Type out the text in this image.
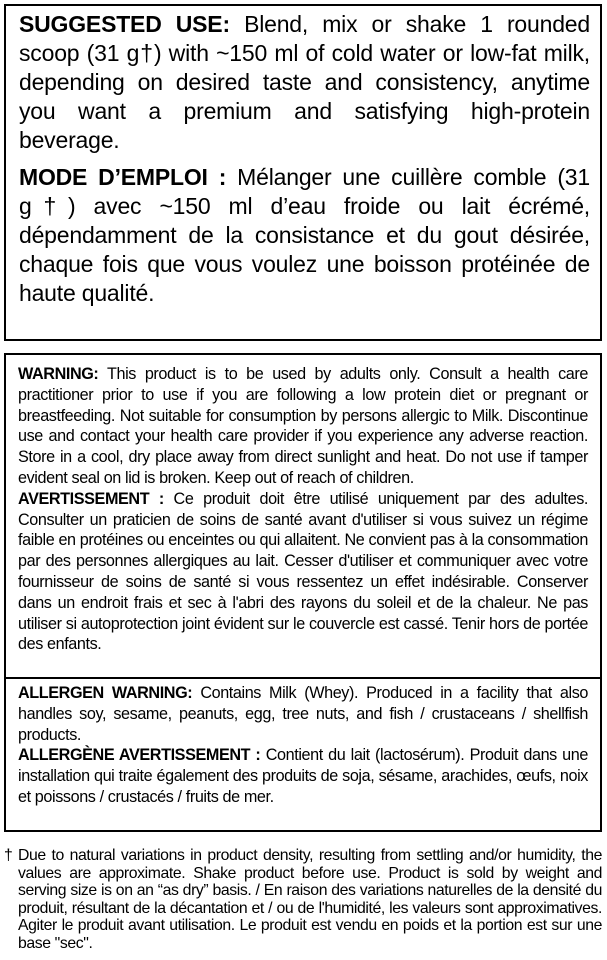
SUGGESTED USE: Blend, mix or shake 1 rounded scoop (31 g†) with ~150 ml of cold water or low-fat milk, depending on desired taste and consistency, anytime you want a premium and satisfying high-protein beverage.

MODE D’EMPLOI : Mélanger une cuillère comble (31 g†) avec ~150 ml d’eau froide ou lait écrémé, dépendamment de la consistance et du gout désirée, chaque fois que vous voulez une boisson protéinée de haute qualité.

WARNING: This product is to be used by adults only. Consult a health care practitioner prior to use if you are following a low protein diet or pregnant or breastfeeding. Not suitable for consumption by persons allergic to Milk. Discontinue use and contact your health care provider if you experience any adverse reaction. Store in a cool, dry place away from direct sunlight and heat. Do not use if tamper evident seal on lid is broken. Keep out of reach of children.

AVERTISSEMENT : Ce produit doit être utilisé uniquement par des adultes. Consulter un praticien de soins de santé avant d'utiliser si vous suivez un régime faible en protéines ou enceintes ou qui allaitent. Ne convient pas à la consommation par des personnes allergiques au lait. Cesser d'utiliser et communiquer avec votre fournisseur de soins de santé si vous ressentez un effet indésirable. Conserver dans un endroit frais et sec à l'abri des rayons du soleil et de la chaleur. Ne pas utiliser si autoprotection joint évident sur le couvercle est cassé. Tenir hors de portée des enfants.

ALLERGEN WARNING: Contains Milk (Whey). Produced in a facility that also handles soy, sesame, peanuts, egg, tree nuts, and fish / crustaceans / shellfish products.

ALLERGÈNE AVERTISSEMENT : Contient du lait (lactosérum). Produit dans une installation qui traite également des produits de soja, sésame, arachides, œufs, noix et poissons / crustacés / fruits de mer.

† Due to natural variations in product density, resulting from settling and/or humidity, the values are approximate. Shake product before use. Product is sold by weight and serving size is on an “as dry” basis. / En raison des variations naturelles de la densité du produit, résultant de la décantation et / ou de l'humidité, les valeurs sont approximatives. Agiter le produit avant utilisation. Le produit est vendu en poids et la portion est sur une base "sec".
